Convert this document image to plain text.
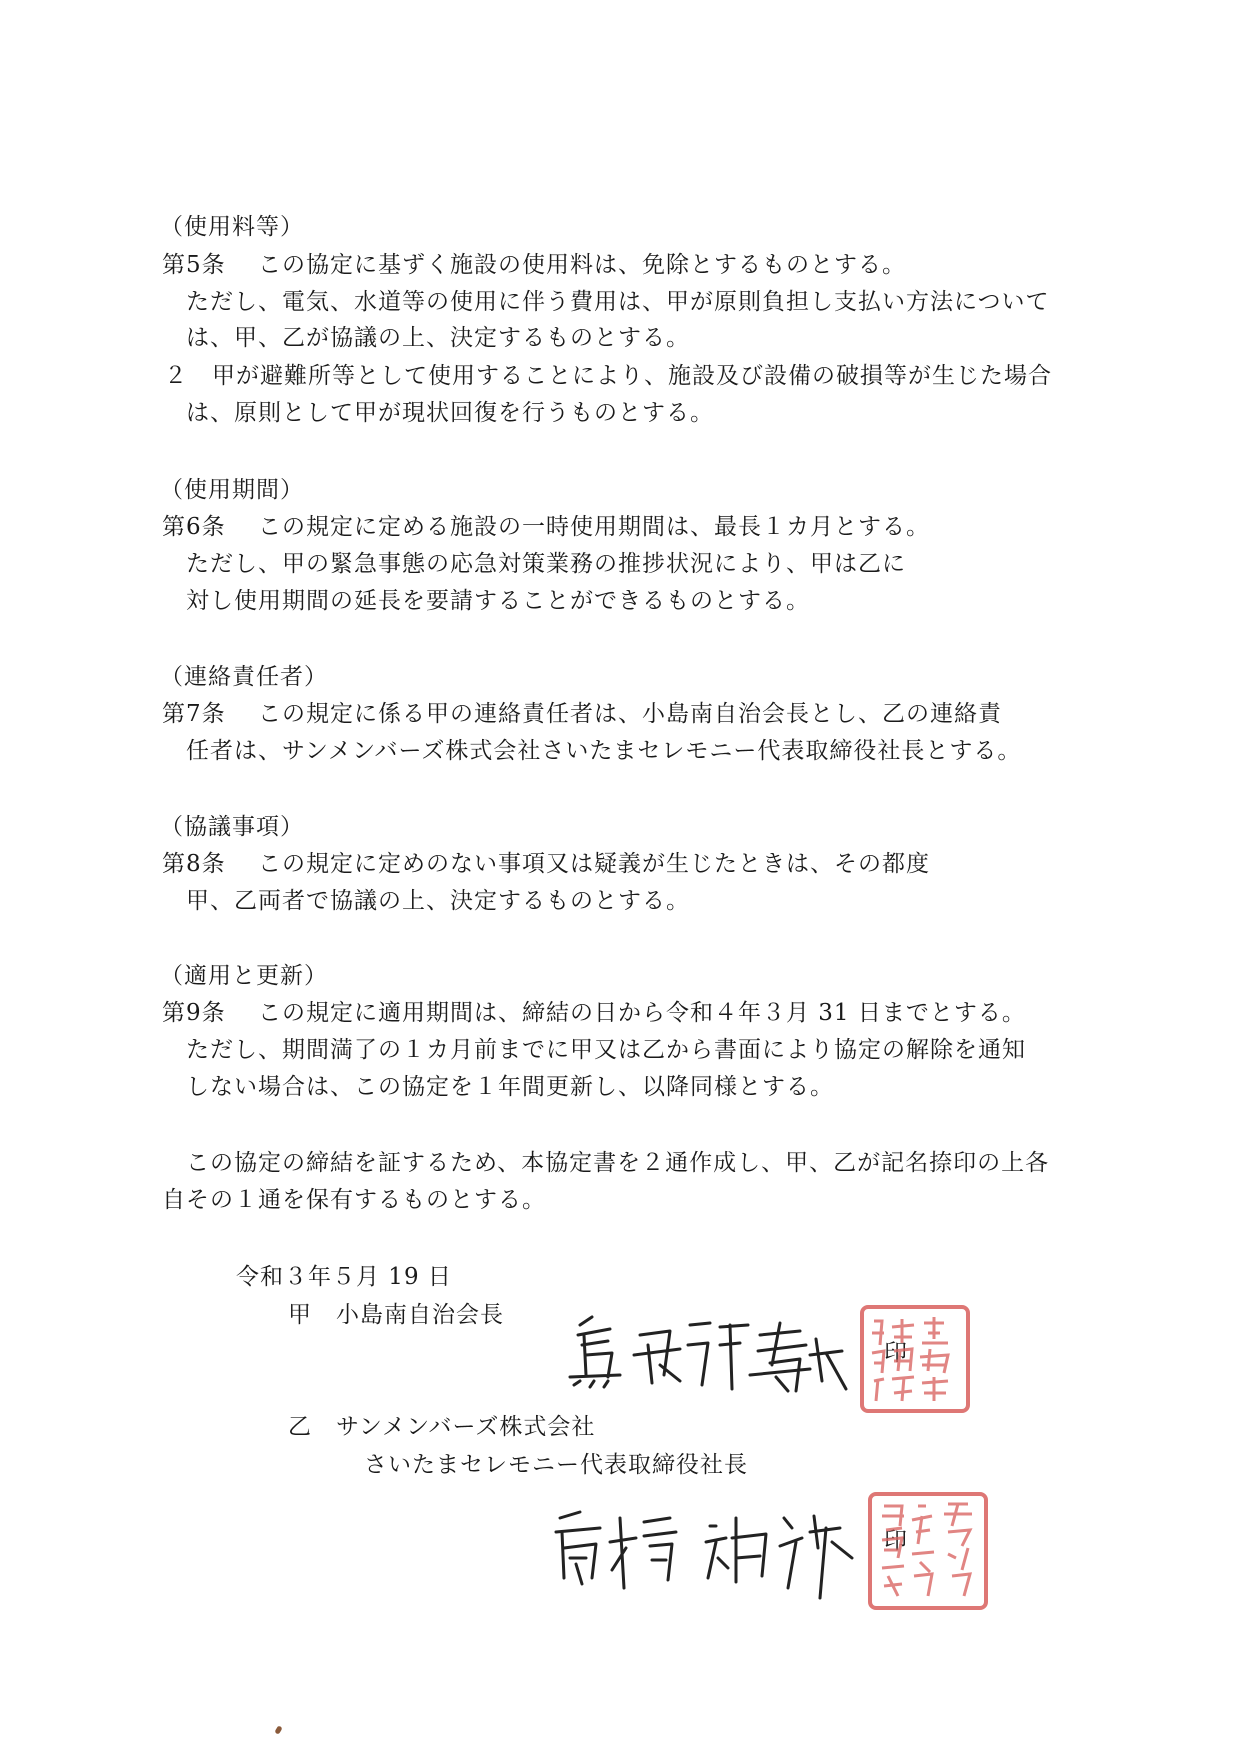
（使用料等）
第5条　 この協定に基ずく施設の使用料は、免除とするものとする。
ただし、電気、水道等の使用に伴う費用は、甲が原則負担し支払い方法について
は、甲、乙が協議の上、決定するものとする。
２　甲が避難所等として使用することにより、施設及び設備の破損等が生じた場合
は、原則として甲が現状回復を行うものとする。
（使用期間）
第6条　 この規定に定める施設の一時使用期間は、最長１カ月とする。
ただし、甲の緊急事態の応急対策業務の推捗状況により、甲は乙に
対し使用期間の延長を要請することができるものとする。
（連絡責任者）
第7条　 この規定に係る甲の連絡責任者は、小島南自治会長とし、乙の連絡責
任者は、サンメンバーズ株式会社さいたまセレモニー代表取締役社長とする。
（協議事項）
第8条　 この規定に定めのない事項又は疑義が生じたときは、その都度
甲、乙両者で協議の上、決定するものとする。
（適用と更新）
第9条　 この規定に適用期間は、締結の日から令和４年３月 31 日までとする。
ただし、期間満了の１カ月前までに甲又は乙から書面により協定の解除を通知
しない場合は、この協定を１年間更新し、以降同様とする。
この協定の締結を証するため、本協定書を２通作成し、甲、乙が記名捺印の上各
自その１通を保有するものとする。
令和３年５月 19 日
甲　小島南自治会長
印
乙　サンメンバーズ株式会社
さいたまセレモニー代表取締役社長
印
